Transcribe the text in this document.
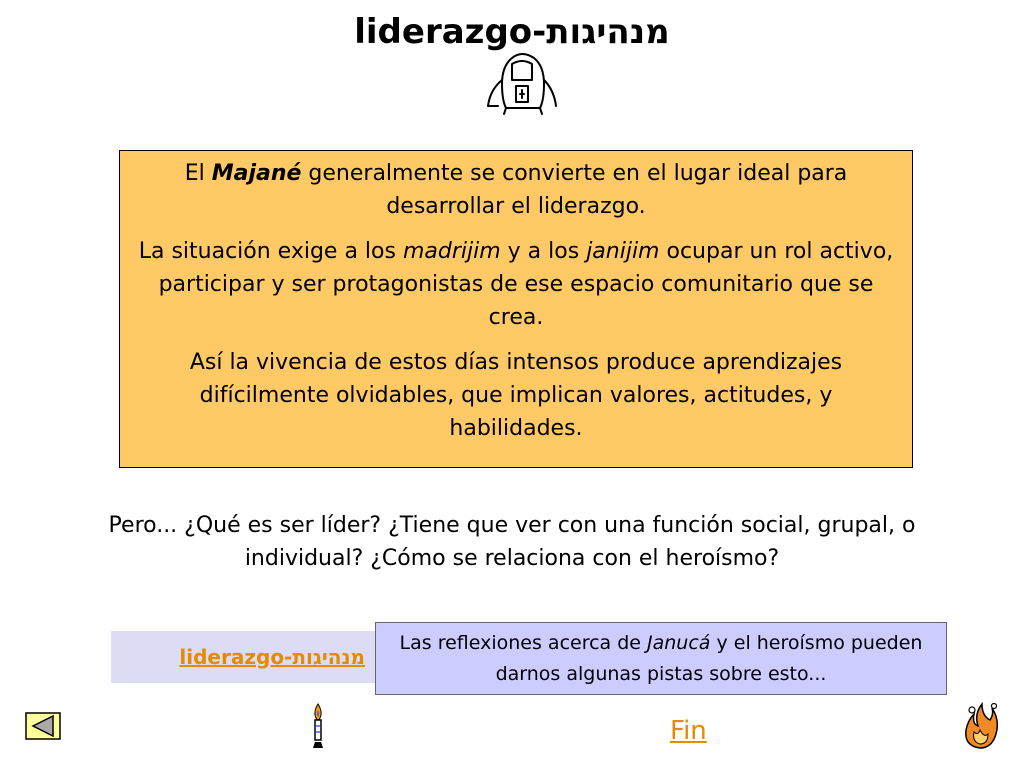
liderazgo-מנהיגות

El Majané generalmente se convierte en el lugar ideal para desarrollar el liderazgo.

La situación exige a los madrijim y a los janijim ocupar un rol activo, participar y ser protagonistas de ese espacio comunitario que se crea.

Así la vivencia de estos días intensos produce aprendizajes difícilmente olvidables, que implican valores, actitudes, y habilidades.

Pero... ¿Qué es ser líder? ¿Tiene que ver con una función social, grupal, o individual? ¿Cómo se relaciona con el heroísmo?
liderazgo-מנהיגות
Las reflexiones acerca de Janucá y el heroísmo pueden darnos algunas pistas sobre esto...
Fin
